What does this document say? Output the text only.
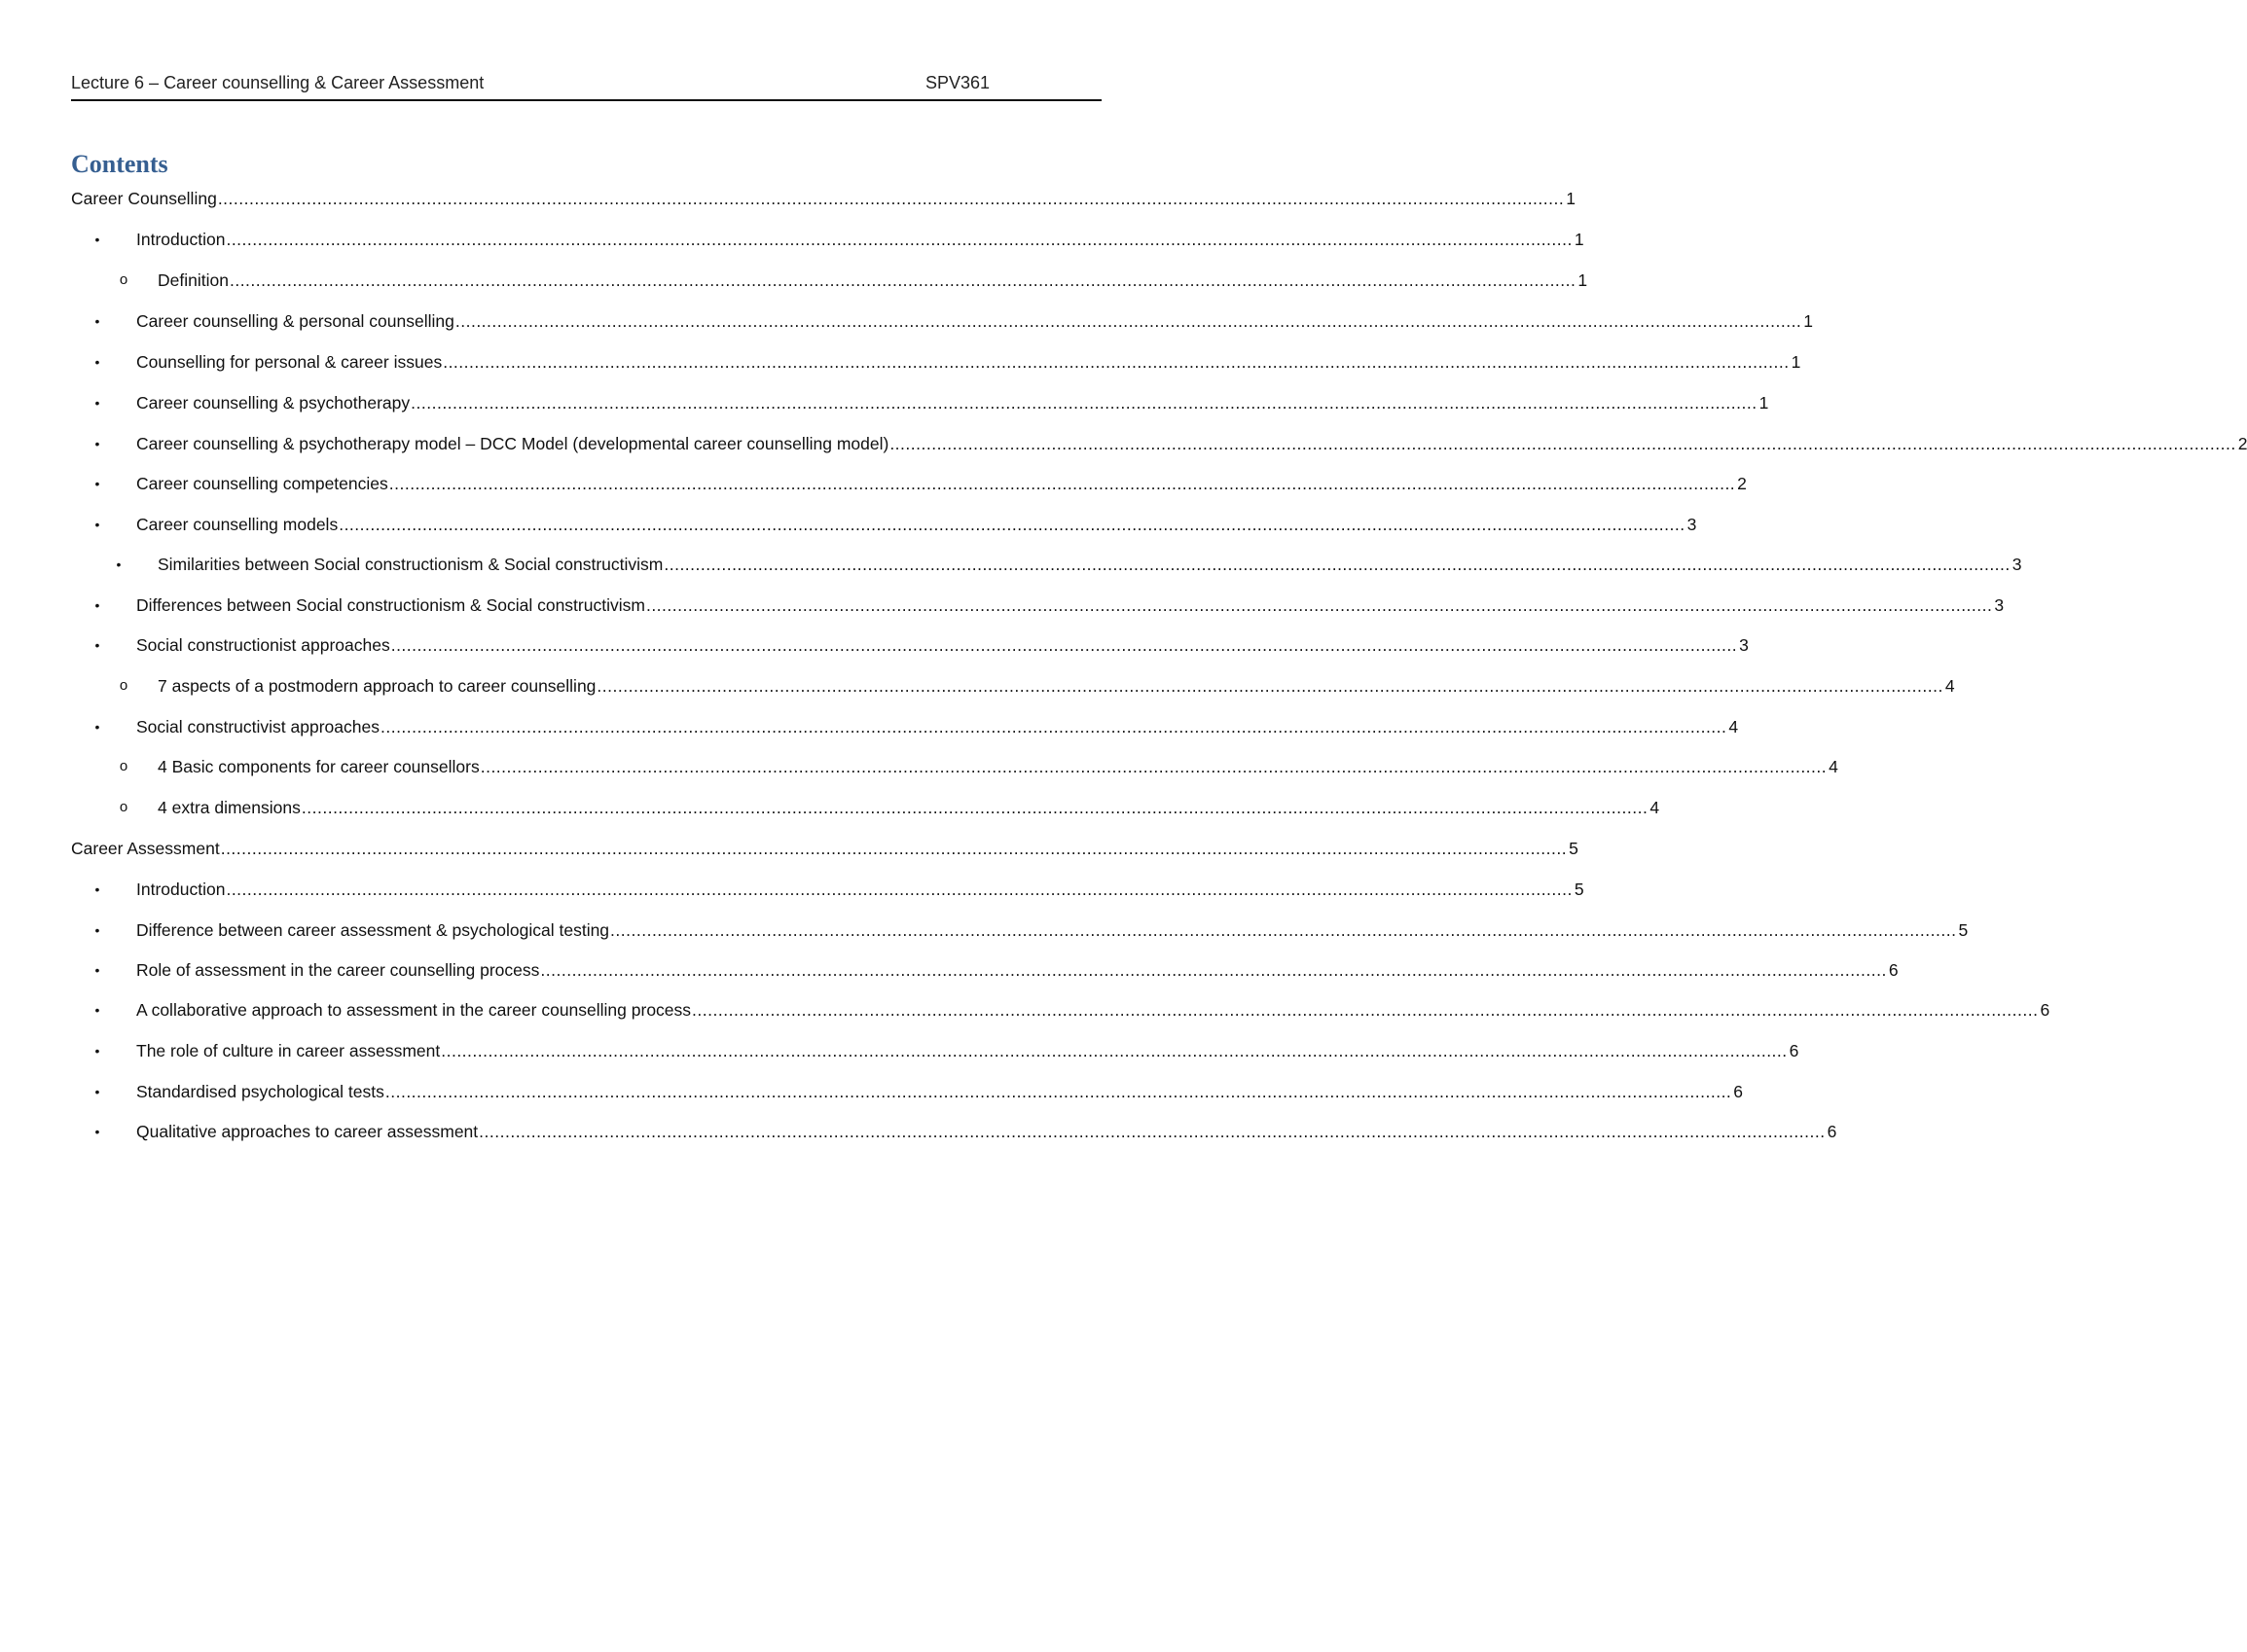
Lecture 6 – Career counselling & Career Assessment	SPV361
Contents
Career Counselling .................................................................................................................................................................................................................................................................. 1
• Introduction .................................................................................................................................................................................................................................................................. 1
o Definition .................................................................................................................................................................................................................................................................. 1
• Career counselling & personal counselling .................................................................................................................................................................................................................................................................. 1
• Counselling for personal & career issues .................................................................................................................................................................................................................................................................. 1
• Career counselling & psychotherapy .................................................................................................................................................................................................................................................................. 1
• Career counselling & psychotherapy model – DCC Model (developmental career counselling model) .................................................................................................................................................................................................................................................................. 2
• Career counselling competencies .................................................................................................................................................................................................................................................................. 2
• Career counselling models .................................................................................................................................................................................................................................................................. 3
• Similarities between Social constructionism & Social constructivism .................................................................................................................................................................................................................................................................. 3
• Differences between Social constructionism & Social constructivism .................................................................................................................................................................................................................................................................. 3
• Social constructionist approaches .................................................................................................................................................................................................................................................................. 3
o 7 aspects of a postmodern approach to career counselling .................................................................................................................................................................................................................................................................. 4
• Social constructivist approaches .................................................................................................................................................................................................................................................................. 4
o 4 Basic components for career counsellors .................................................................................................................................................................................................................................................................. 4
o 4 extra dimensions .................................................................................................................................................................................................................................................................. 4
Career Assessment .................................................................................................................................................................................................................................................................. 5
• Introduction .................................................................................................................................................................................................................................................................. 5
• Difference between career assessment & psychological testing .................................................................................................................................................................................................................................................................. 5
• Role of assessment in the career counselling process .................................................................................................................................................................................................................................................................. 6
• A collaborative approach to assessment in the career counselling process .................................................................................................................................................................................................................................................................. 6
• The role of culture in career assessment .................................................................................................................................................................................................................................................................. 6
• Standardised psychological tests .................................................................................................................................................................................................................................................................. 6
• Qualitative approaches to career assessment .................................................................................................................................................................................................................................................................. 6
